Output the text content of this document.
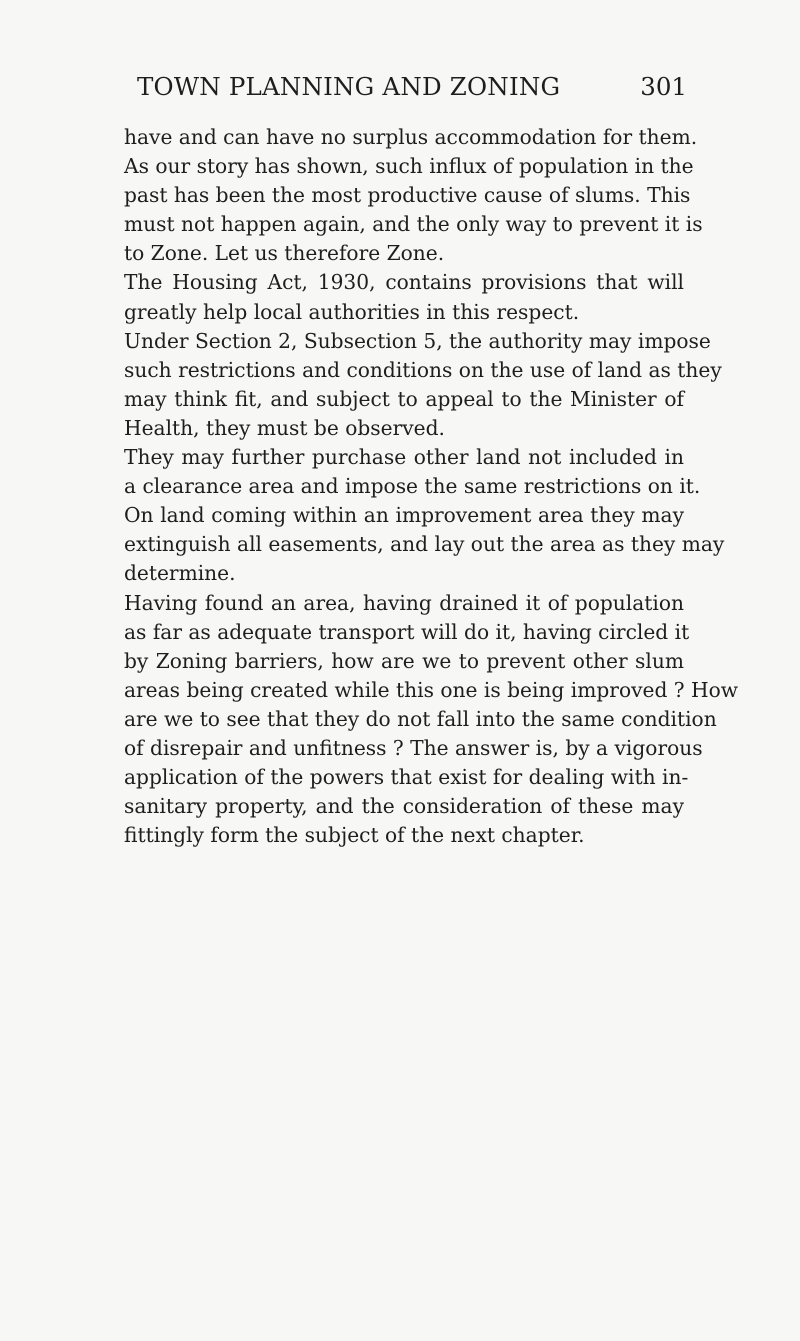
TOWN PLANNING AND ZONING	301
have and can have no surplus accommodation for them.
As our story has shown, such influx of population in the
past has been the most productive cause of slums. This
must not happen again, and the only way to prevent it is
to Zone. Let us therefore Zone.
The Housing Act, 1930, contains provisions that will
greatly help local authorities in this respect.
Under Section 2, Subsection 5, the authority may impose
such restrictions and conditions on the use of land as they
may think fit, and subject to appeal to the Minister of
Health, they must be observed.
They may further purchase other land not included in
a clearance area and impose the same restrictions on it.
On land coming within an improvement area they may
extinguish all easements, and lay out the area as they may
determine.
Having found an area, having drained it of population
as far as adequate transport will do it, having circled it
by Zoning barriers, how are we to prevent other slum
areas being created while this one is being improved ? How
are we to see that they do not fall into the same condition
of disrepair and unfitness ? The answer is, by a vigorous
application of the powers that exist for dealing with in-
sanitary property, and the consideration of these may
fittingly form the subject of the next chapter.
